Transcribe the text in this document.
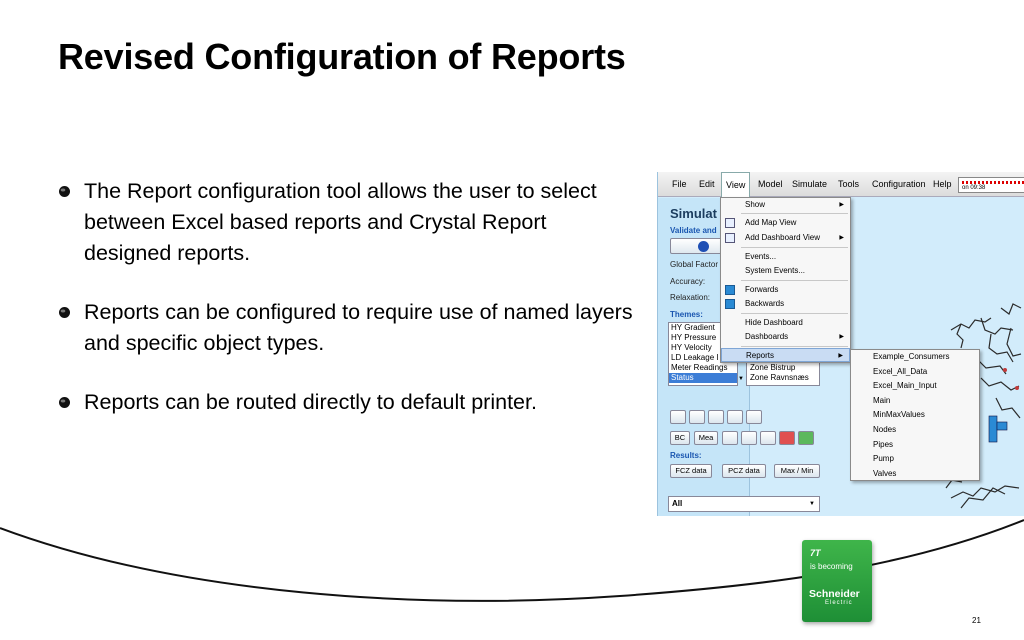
Revised Configuration of Reports
The Report configuration tool allows the user to select between Excel based reports and Crystal Report designed reports.
Reports can be configured to require use of named layers and specific object types.
Reports can be routed directly to default printer.
File	Edit	View	Model	Simulate	Tools	Configuration Help	on 09:38
Simulat
Validate and
Global Factor
Accuracy:
Relaxation:
Themes:
HY Gradient
HY Pressure
HY Velocity
LD Leakage I
Meter Readings
Status	▼
BC	Mea
Results:
FCZ data	PCZ data	Max / Min
Zone Bistrup
Zone Ravnsnæs
All	▼
Show	▶
Add Map View
Add Dashboard View	▶
Events...
System Events...
Forwards
Backwards
Hide Dashboard
Dashboards	▶
Reports	▶	Example_Consumers
Excel_All_Data
Excel_Main_Input
Main
MinMaxValues
Nodes
Pipes
Pump
Valves
7T
is becoming
Schneider
Electric
21
